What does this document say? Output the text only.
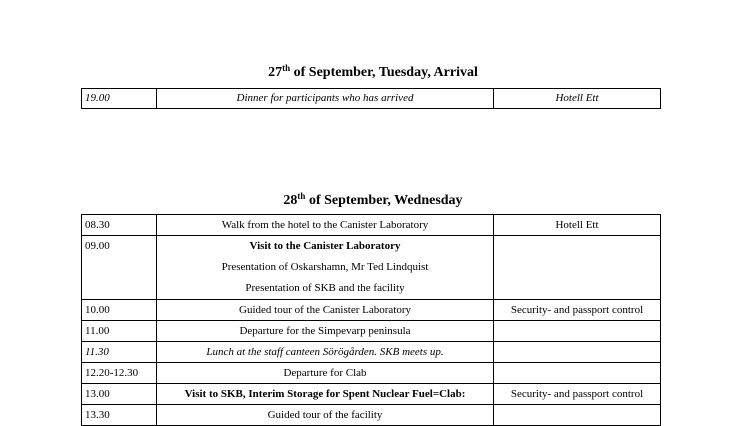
27th of September, Tuesday, Arrival
19.00	Dinner for participants who has arrived	Hotell Ett
28th of September, Wednesday
08.30	Walk from the hotel to the Canister Laboratory	Hotell Ett
09.00	Visit to the Canister Laboratory
Presentation of Oskarshamn, Mr Ted Lindquist
Presentation of SKB and the facility	

10.00	Guided tour of the Canister Laboratory	Security- and passport control
11.00	Departure for the Simpevarp peninsula	
11.30	Lunch at the staff canteen Sörögården. SKB meets up.	
12.20-12.30	Departure for Clab	
13.00	Visit to SKB, Interim Storage for Spent Nuclear Fuel=Clab:	Security- and passport control
13.30	Guided tour of the facility	
